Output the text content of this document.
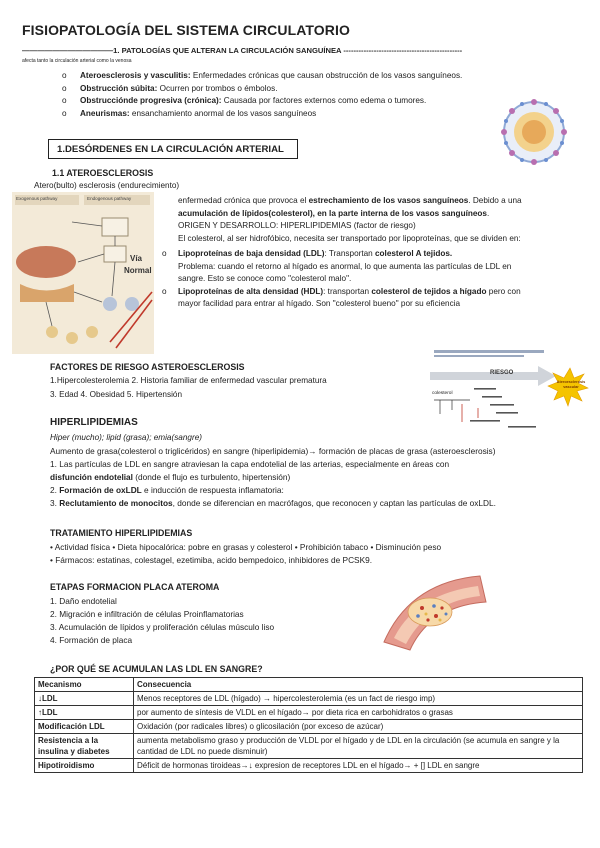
FISIOPATOLOGÍA DEL SISTEMA CIRCULATORIO
————————————1. PATOLOGÍAS QUE ALTERAN LA CIRCULACIÓN SANGUÍNEA -----------------------------------------------
afecta tanto la circulación arterial como la venosa
o Ateroesclerosis y vasculitis: Enfermedades crónicas que causan obstrucción de los vasos sanguíneos.
o Obstrucción súbita: Ocurren por trombos o émbolos.
o Obstrucciónde progresiva (crónica): Causada por factores externos como edema o tumores.
o Aneurismas: ensanchamiento anormal de los vasos sanguíneos
1.DESÓRDENES EN LA CIRCULACIÓN ARTERIAL
1.1 ATEROESCLEROSIS
Atero(bulto) esclerosis (endurecimiento)
enfermedad crónica que provoca el estrechamiento de los vasos sanguíneos. Debido a una
acumulación de lípidos(colesterol), en la parte interna de los vasos sanguíneos.
ORIGEN Y DESARROLLO: HIPERLIPIDEMIAS (factor de riesgo)
El colesterol, al ser hidrofóbico, necesita ser transportado por lipoproteínas, que se dividen en:
o Lipoproteínas de baja densidad (LDL): Transportan colesterol A tejidos.
Problema: cuando el retorno al hígado es anormal, lo que aumenta las partículas de LDL en
sangre. Esto se conoce como "colesterol malo".
o Lipoproteínas de alta densidad (HDL): transportan colesterol de tejidos a hígado pero con
mayor facilidad para entrar al hígado. Son "colesterol bueno" por su eficiencia
Exogenous pathway	Endogenous pathway
Vía
Normal
FACTORES DE RIESGO ASTEROESCLEROSIS
1.Hipercolesterolemia 2. Historia familiar de enfermedad vascular prematura
3. Edad 4. Obesidad 5. Hipertensión
RIESGO
Ateroesclerosis vascular
colesterol
HIPERLIPIDEMIAS
Hiper (mucho); lipid (grasa); emia(sangre)
Aumento de grasa(colesterol o triglicéridos) en sangre (hiperlipidemia)→ formación de placas de grasa (asteroesclerosis)
1. Las partículas de LDL en sangre atraviesan la capa endotelial de las arterias, especialmente en áreas con
disfunción endotelial (donde el flujo es turbulento, hipertensión)
2. Formación de oxLDL e inducción de respuesta inflamatoria:
3. Reclutamiento de monocitos, donde se diferencian en macrófagos, que reconocen y captan las partículas de oxLDL.
TRATAMIENTO HIPERLIPIDEMIAS
• Actividad física • Dieta hipocalórica: pobre en grasas y colesterol • Prohibición tabaco • Disminución peso
• Fármacos: estatinas, colestagel, ezetimiba, acido bempedoico, inhibidores de PCSK9.
ETAPAS FORMACION PLACA ATEROMA
1. Daño endotelial
2. Migración e infiltración de células Proinflamatorias
3. Acumulación de lípidos y proliferación células músculo liso
4. Formación de placa
¿POR QUÉ SE ACUMULAN LAS LDL EN SANGRE?
Mecanismo	Consecuencia
↓LDL	Menos receptores de LDL (hígado) → hipercolesterolemia (es un fact de riesgo imp)
↑LDL	por aumento de síntesis de VLDL en el hígado→ por dieta rica en carbohidratos o grasas
Modificación LDL	Oxidación (por radicales libres) o glicosilación (por exceso de azúcar)
Resistencia a la insulina y diabetes	aumenta metabolismo graso y producción de VLDL por el hígado y de LDL en la circulación (se acumula en sangre y la cantidad de LDL no puede disminuir)
Hipotiroidismo	Déficit de hormonas tiroideas→↓ expresion de receptores LDL en el hígado→ + [] LDL en sangre
